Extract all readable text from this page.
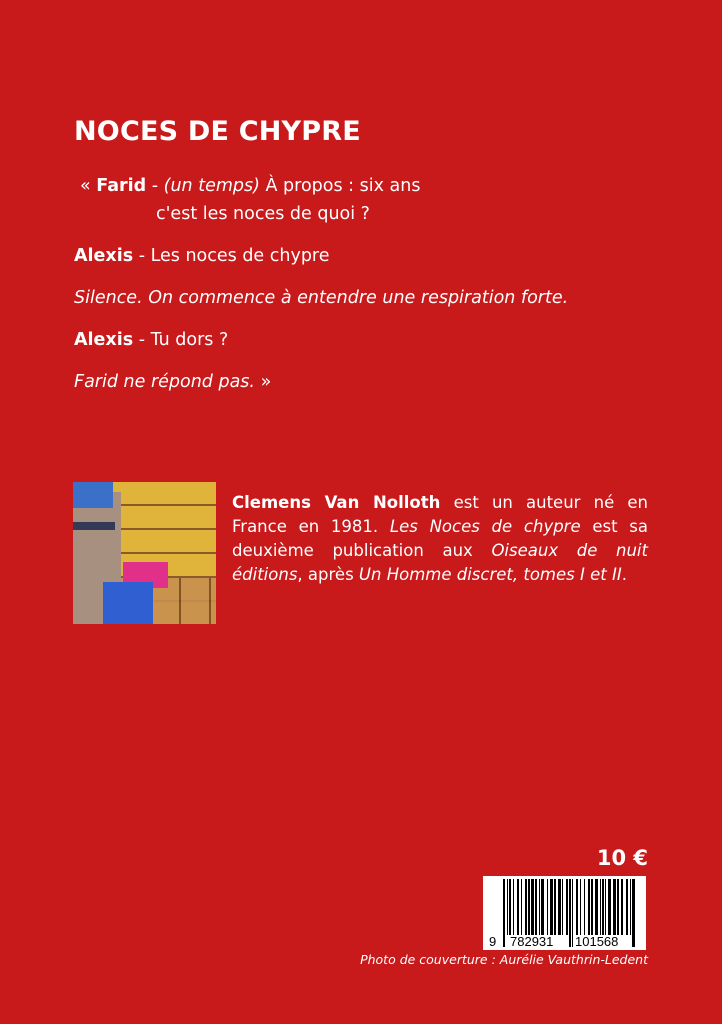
NOCES DE CHYPRE
« Farid - (un temps) À propos : six ans
c'est les noces de quoi ?
Alexis - Les noces de chypre
Silence. On commence à entendre une respiration forte.
Alexis - Tu dors ?
Farid ne répond pas. »
Clemens Van Nolloth est un auteur né en France en 1981. Les Noces de chypre est sa deuxième publication aux Oiseaux de nuit éditions, après Un Homme discret, tomes I et II.
10 €
9 782931 101568
Photo de couverture : Aurélie Vauthrin-Ledent
